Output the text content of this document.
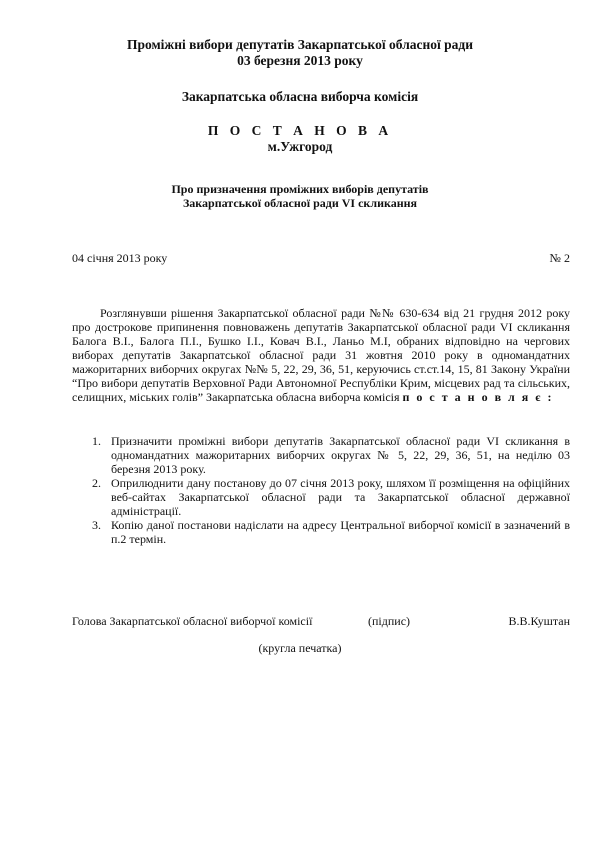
Проміжні вибори депутатів Закарпатської обласної ради

03 березня 2013 року

Закарпатська обласна виборча комісія

П О С Т А Н О В А

м.Ужгород

Про призначення проміжних виборів депутатів

Закарпатської обласної ради VI скликання

04 січня 2013 року	№ 2

Розглянувши рішення Закарпатської обласної ради №№ 630-634 від 21 грудня 2012 року про дострокове припинення повноважень депутатів Закарпатської обласної ради VI скликання Балога В.І., Балога П.І., Бушко І.І., Ковач В.І., Ланьо М.І, обраних відповідно на чергових виборах депутатів Закарпатської обласної ради 31 жовтня 2010 року в одномандатних мажоритарних виборчих округах №№ 5, 22, 29, 36, 51, керуючись ст.ст.14, 15, 81 Закону України “Про вибори депутатів Верховної Ради Автономної Республіки Крим, місцевих рад та сільських, селищних, міських голів” Закарпатська обласна виборча комісія п о с т а н о в л я є :

1. Призначити проміжні вибори депутатів Закарпатської обласної ради VI скликання в одномандатних мажоритарних виборчих округах № 5, 22, 29, 36, 51, на неділю 03 березня 2013 року.
2. Оприлюднити дану постанову до 07 січня 2013 року, шляхом її розміщення на офіційних веб-сайтах Закарпатської обласної ради та Закарпатської обласної державної адміністрації.
3. Копію даної постанови надіслати на адресу Центральної виборчої комісії в зазначений в п.2 термін.

Голова Закарпатської обласної виборчої комісії	(підпис)	В.В.Куштан

(кругла печатка)
